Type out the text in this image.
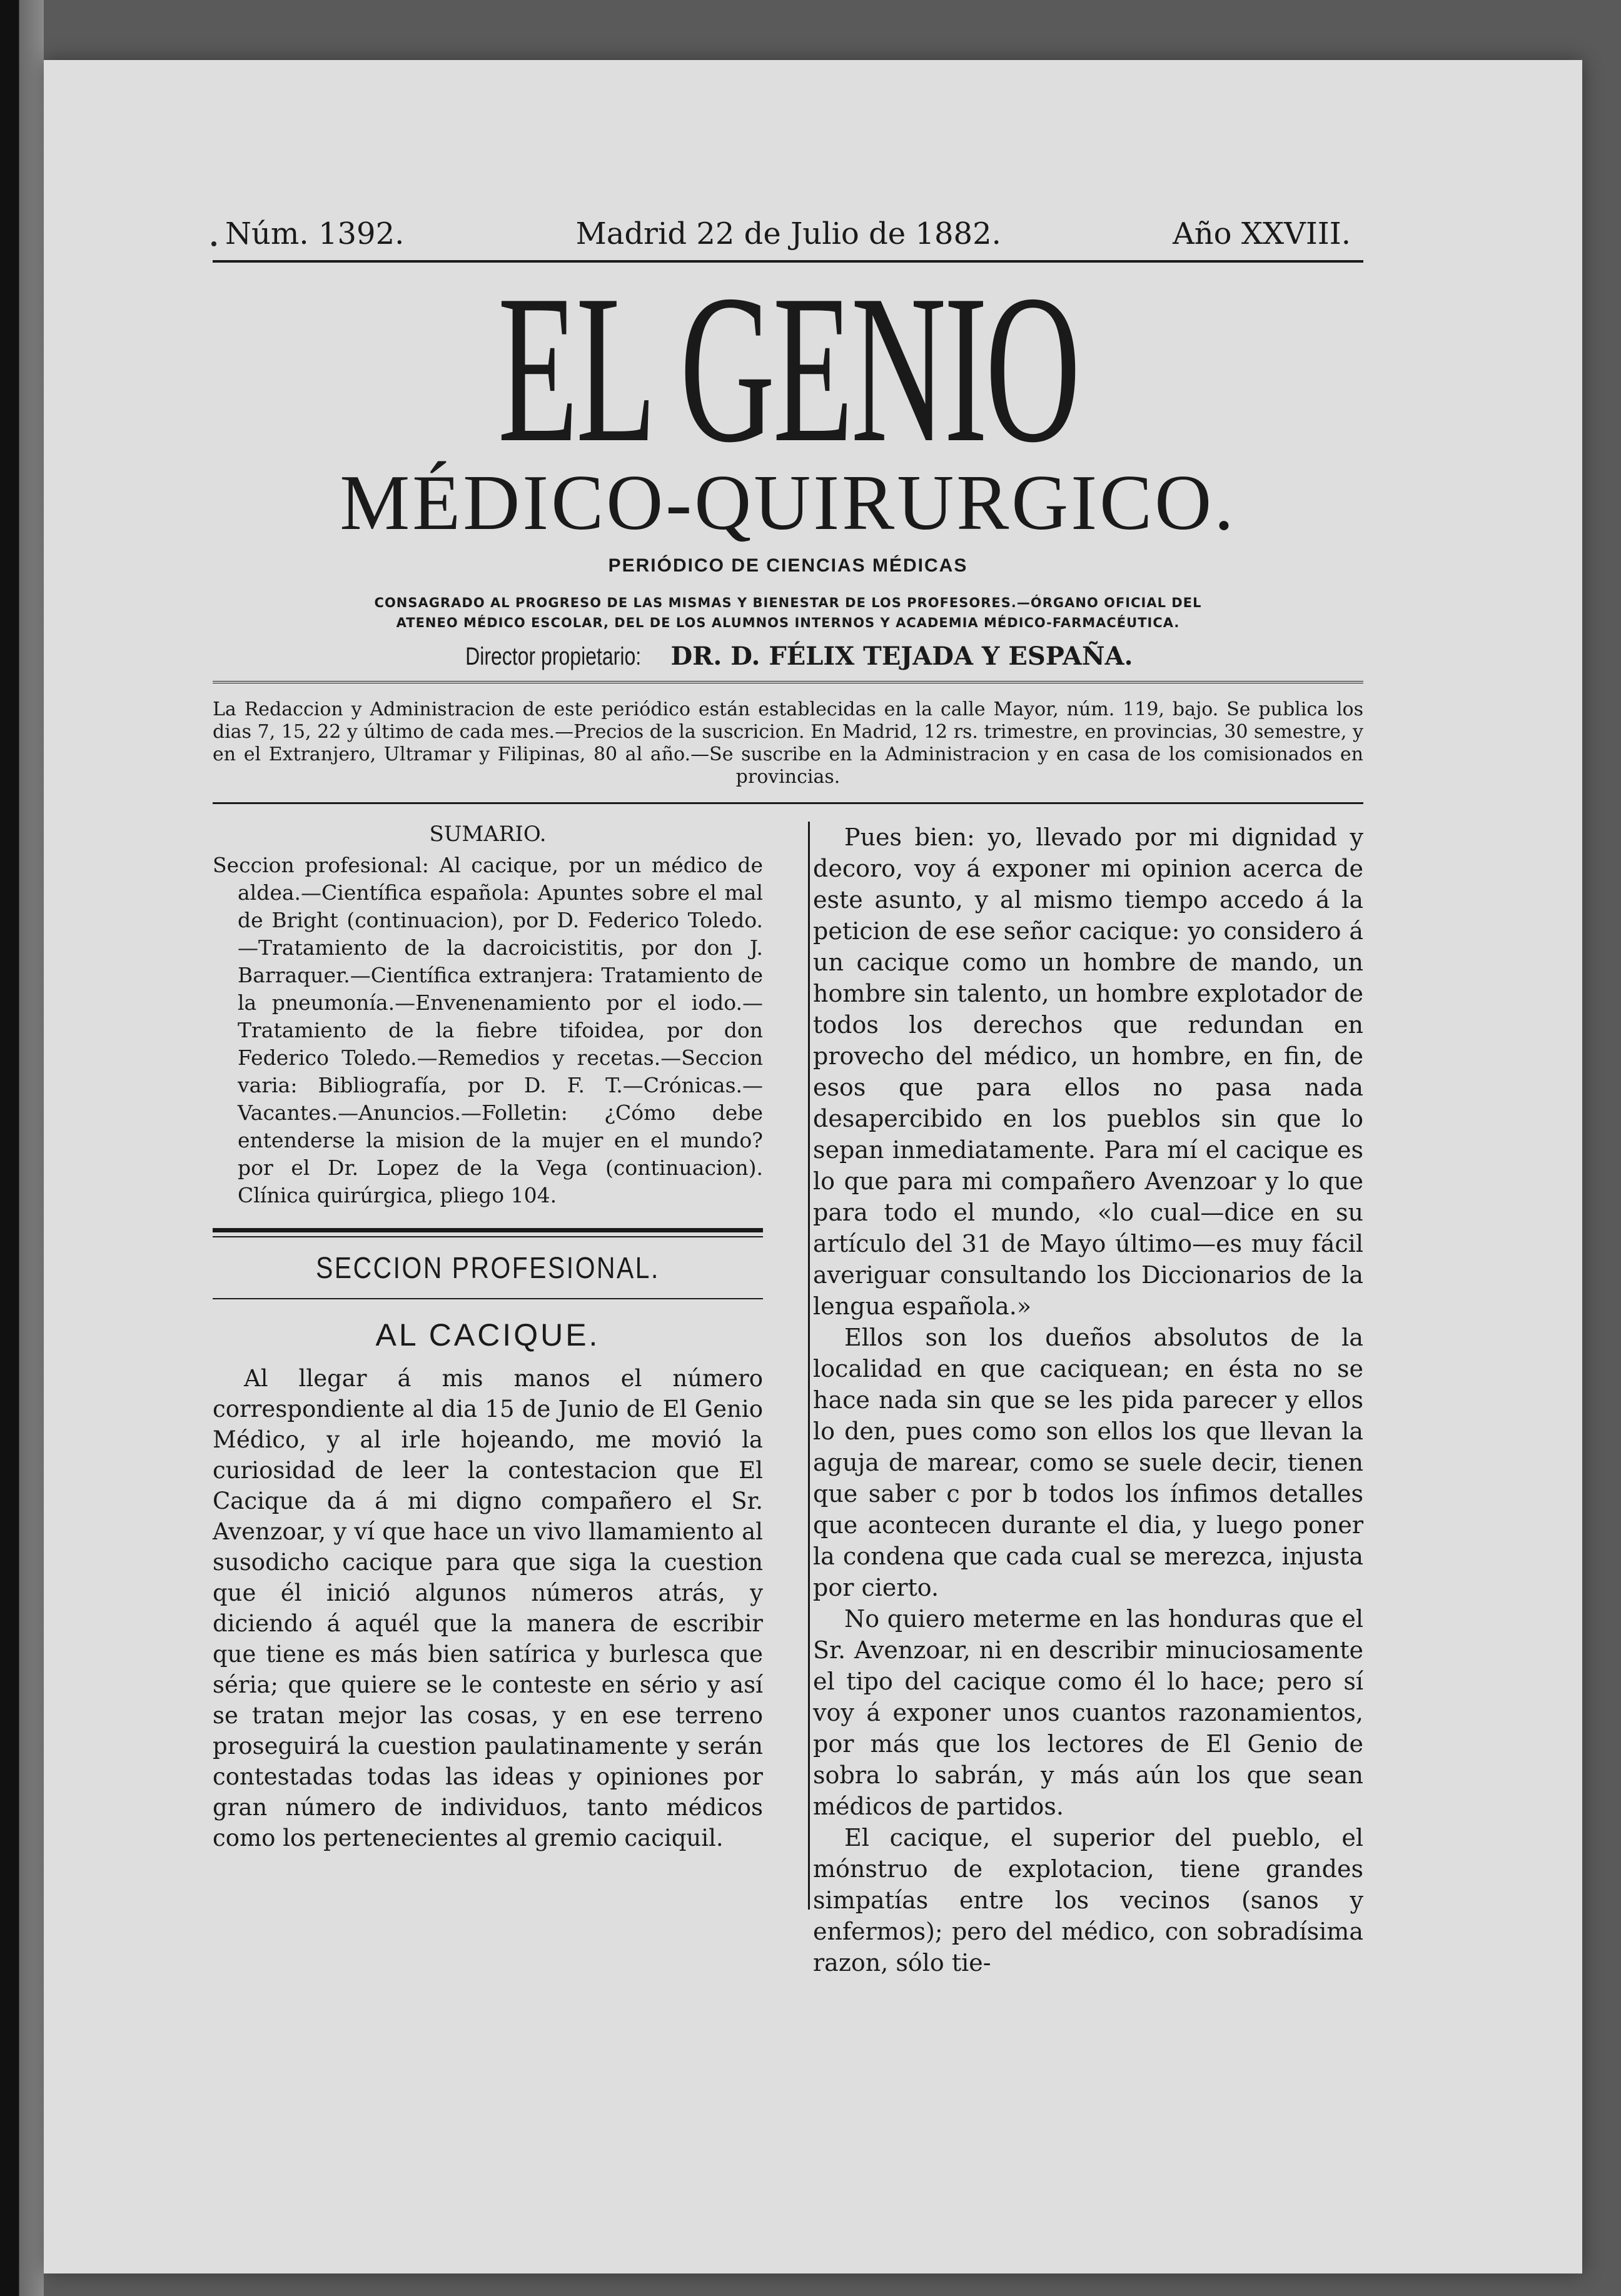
Núm. 1392.	Madrid 22 de Julio de 1882.	Año XXVIII.
EL GENIO
MÉDICO-QUIRURGICO.
PERIÓDICO DE CIENCIAS MÉDICAS
CONSAGRADO AL PROGRESO DE LAS MISMAS Y BIENESTAR DE LOS PROFESORES.—ÓRGANO OFICIAL DEL
ATENEO MÉDICO ESCOLAR, DEL DE LOS ALUMNOS INTERNOS Y ACADEMIA MÉDICO-FARMACÉUTICA.
Director propietario: DR. D. FÉLIX TEJADA Y ESPAÑA.
La Redaccion y Administracion de este periódico están establecidas en la calle Mayor, núm. 119, bajo. Se publica los dias 7, 15, 22 y último de cada mes.—Precios de la suscricion. En Madrid, 12 rs. trimestre, en provincias, 30 semestre, y en el Extranjero, Ultramar y Filipinas, 80 al año.—Se suscribe en la Administracion y en casa de los comisionados en provincias.
SUMARIO.
Seccion profesional: Al cacique, por un médico de aldea.—Científica española: Apuntes sobre el mal de Bright (continuacion), por D. Federico Toledo.—Tratamiento de la dacroicistitis, por don J. Barraquer.—Científica extranjera: Tratamiento de la pneumonía.—Envenenamiento por el iodo.—Tratamiento de la fiebre tifoidea, por don Federico Toledo.—Remedios y recetas.—Seccion varia: Bibliografía, por D. F. T.—Crónicas.—Vacantes.—Anuncios.—Folletin: ¿Cómo debe entenderse la mision de la mujer en el mundo? por el Dr. Lopez de la Vega (continuacion). Clínica quirúrgica, pliego 104.
SECCION PROFESIONAL.
AL CACIQUE.

Al llegar á mis manos el número correspondiente al dia 15 de Junio de El Genio Médico, y al irle hojeando, me movió la curiosidad de leer la contestacion que El Cacique da á mi digno compañero el Sr. Avenzoar, y ví que hace un vivo llamamiento al susodicho cacique para que siga la cuestion que él inició algunos números atrás, y diciendo á aquél que la manera de escribir que tiene es más bien satírica y burlesca que séria; que quiere se le conteste en sério y así se tratan mejor las cosas, y en ese terreno proseguirá la cuestion paulatinamente y serán contestadas todas las ideas y opiniones por gran número de individuos, tanto médicos como los pertenecientes al gremio caciquil.

Pues bien: yo, llevado por mi dignidad y decoro, voy á exponer mi opinion acerca de este asunto, y al mismo tiempo accedo á la peticion de ese señor cacique: yo considero á un cacique como un hombre de mando, un hombre sin talento, un hombre explotador de todos los derechos que redundan en provecho del médico, un hombre, en fin, de esos que para ellos no pasa nada desapercibido en los pueblos sin que lo sepan inmediatamente. Para mí el cacique es lo que para mi compañero Avenzoar y lo que para todo el mundo, «lo cual—dice en su artículo del 31 de Mayo último—es muy fácil averiguar consultando los Diccionarios de la lengua española.»

Ellos son los dueños absolutos de la localidad en que caciquean; en ésta no se hace nada sin que se les pida parecer y ellos lo den, pues como son ellos los que llevan la aguja de marear, como se suele decir, tienen que saber c por b todos los ínfimos detalles que acontecen durante el dia, y luego poner la condena que cada cual se merezca, injusta por cierto.

No quiero meterme en las honduras que el Sr. Avenzoar, ni en describir minuciosamente el tipo del cacique como él lo hace; pero sí voy á exponer unos cuantos razonamientos, por más que los lectores de El Genio de sobra lo sabrán, y más aún los que sean médicos de partidos.

El cacique, el superior del pueblo, el mónstruo de explotacion, tiene grandes simpatías entre los vecinos (sanos y enfermos); pero del médico, con sobradísima razon, sólo tie-
